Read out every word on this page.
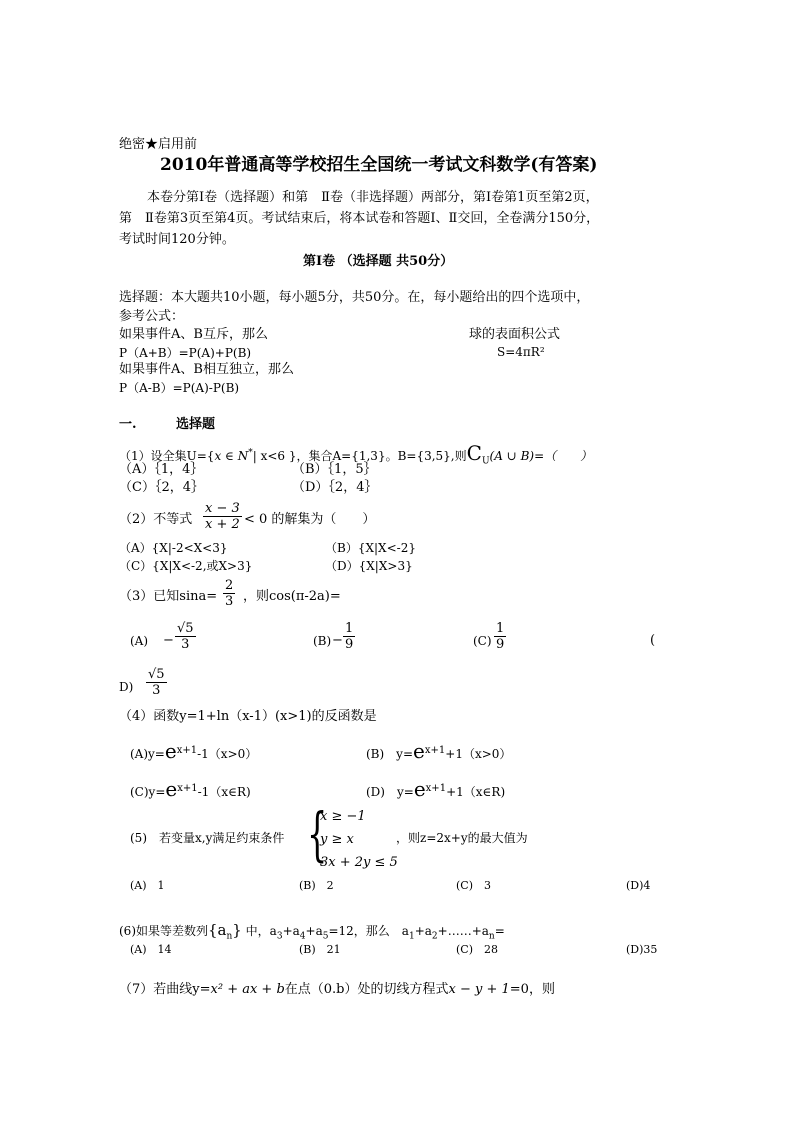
绝密★启用前
2010年普通高等学校招生全国统一考试文科数学(有答案)
本卷分第Ⅰ卷（选择题）和第　Ⅱ卷（非选择题）两部分，第Ⅰ卷第1页至第2页，
第　Ⅱ卷第3页至第4页。考试结束后，将本试卷和答题Ⅰ、Ⅱ交回，全卷满分150分，
考试时间120分钟。
第Ⅰ卷 （选择题 共50分）
选择题：本大题共10小题，每小题5分，共50分。在，每小题给出的四个选项中，
参考公式：
如果事件A、B互斥，那么
P（A+B）=P(A)+P(B)
如果事件A、B相互独立，那么
P（A-B）=P(A)-P(B)
球的表面积公式
S=4πR²
一.	选择题
（1）设全集U={x ∈ N*| x<6 }，集合A={1,3}。B={3,5},则$C_U(A$ ∪ B)=（　　）
（A）｛1，4｝	（B）｛1，5｝
（C）｛2，4｝	（D）｛2，4｝
（2）不等式 $\frac{x - 3}{x + 2} < 0$ 的解集为（　　）
（A）{X|-2<X<3}	（B）{X|X<-2}
（C）{X|X<-2,或X>3}	（D）{X|X>3}
（3）已知$\sin a= \frac{2}{3}$ ，则cos(π-2a)=
$(A) - \frac{√5}{3}$	$(B) - \frac{1}{9}$	$(C) \frac{1}{9}$	(
$D) \frac{√5}{3}$
（4）函数y=1+ln（x-1）(x>1)的反函数是
$(A)y=e^{x+1}-1(x>0)$	(B)　$y=e^{x+1}+1(x>0)$
$(C)y=e^{x+1}-1(x\in R)$	(D)　$y=e^{x+1}+1(x\in R)$
(5)　若变量x,y满足约束条件 {
x ≥ −1
y ≥ x
3x + 2y ≤ 5
，则z=2x+y的最大值为
(A)　1	(B)　2	(C)　3	(D)4
(6)如果等差数列$\{a_n\}$ 中，$a_3+a_4+a_5=12$，那么　$a_1+a_2+\dots\dots+a_n=$
(A)　14	(B)　21	(C)　28	(D)35
（7）若曲线y=x² + ax + b在点（0.b）处的切线方程式x − y + 1=0，则
